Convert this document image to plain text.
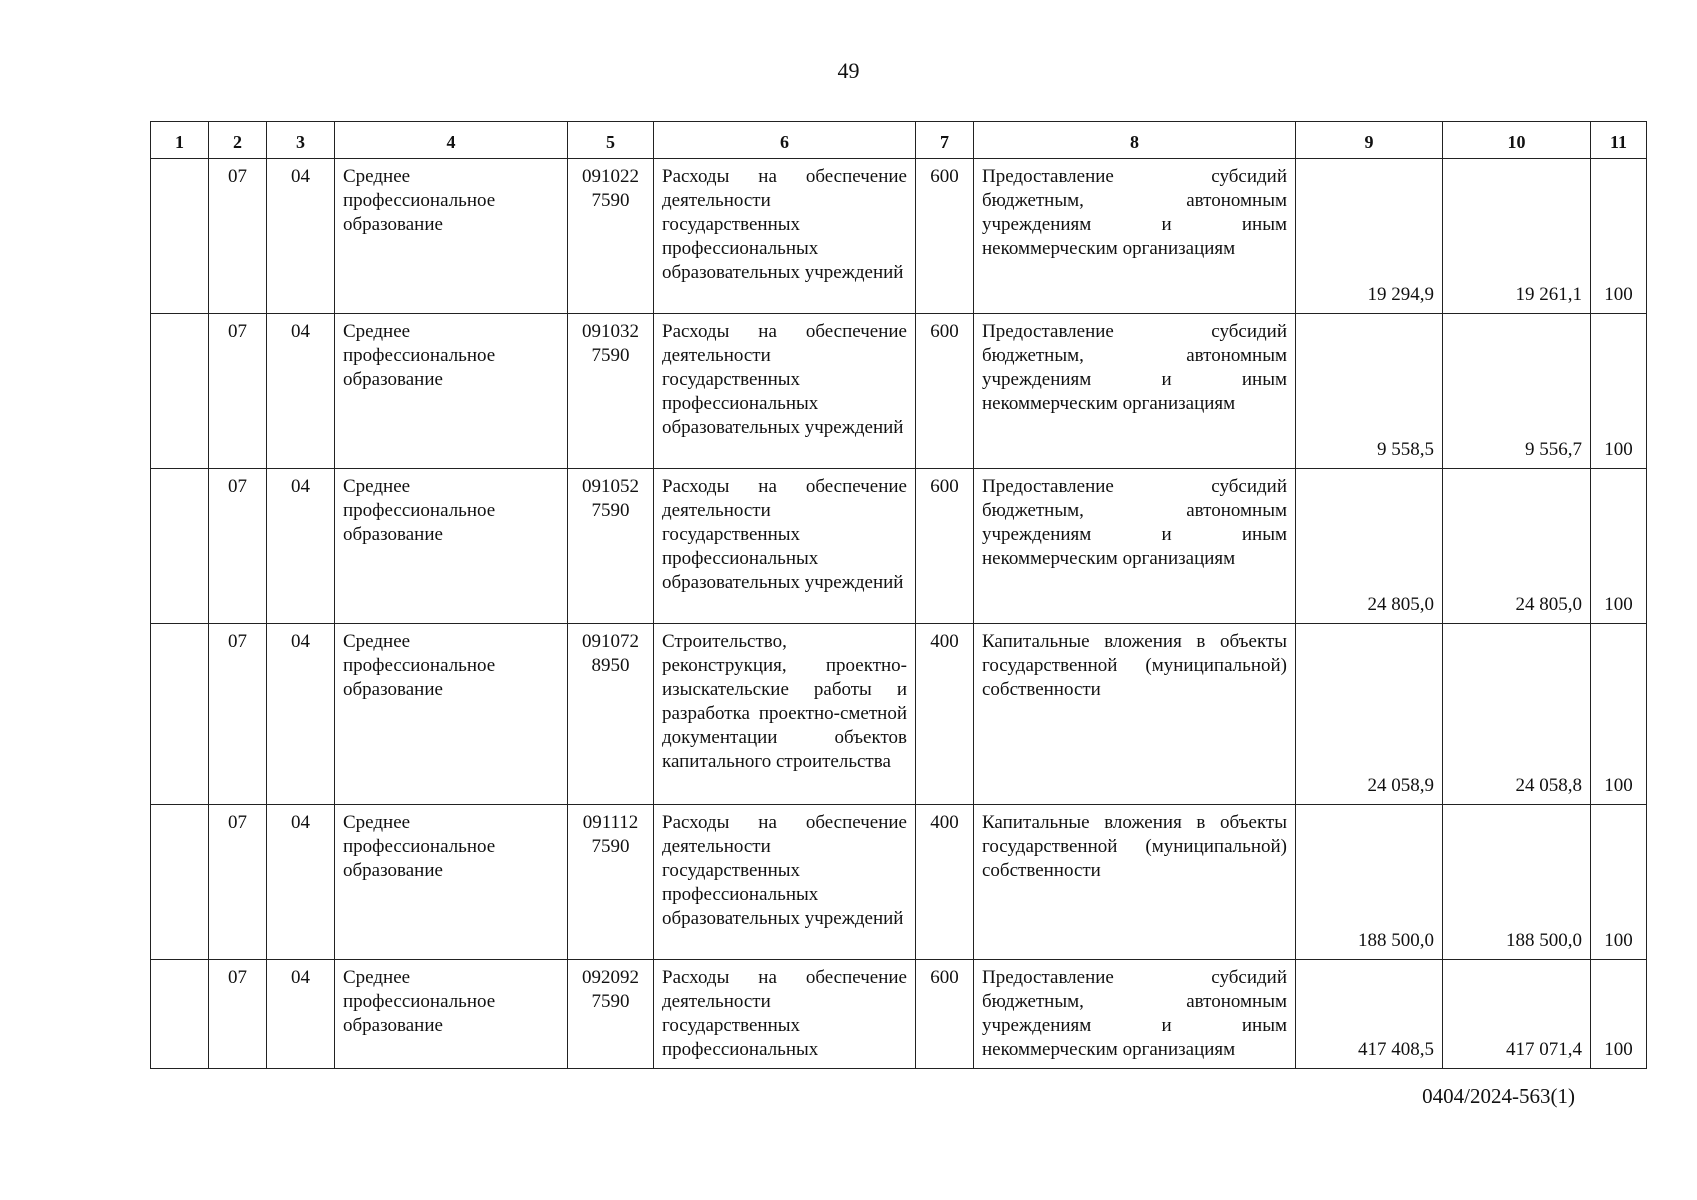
49
1	2	3	4	5	6	7	8	9	10	11
	07	04	Среднее профессиональное образование	091022 7590	Расходы на обеспечение деятельности государственных профессиональных образовательных учреждений	600	Предоставление субсидий бюджетным, автономным учреждениям и иным некоммерческим организациям	19 294,9	19 261,1	100
	07	04	Среднее профессиональное образование	091032 7590	Расходы на обеспечение деятельности государственных профессиональных образовательных учреждений	600	Предоставление субсидий бюджетным, автономным учреждениям и иным некоммерческим организациям	9 558,5	9 556,7	100
	07	04	Среднее профессиональное образование	091052 7590	Расходы на обеспечение деятельности государственных профессиональных образовательных учреждений	600	Предоставление субсидий бюджетным, автономным учреждениям и иным некоммерческим организациям	24 805,0	24 805,0	100
	07	04	Среднее профессиональное образование	091072 8950	Строительство, реконструкция, проектно-изыскательские работы и разработка проектно-сметной документации объектов капитального строительства	400	Капитальные вложения в объекты государственной (муниципальной) собственности	24 058,9	24 058,8	100
	07	04	Среднее профессиональное образование	091112 7590	Расходы на обеспечение деятельности государственных профессиональных образовательных учреждений	400	Капитальные вложения в объекты государственной (муниципальной) собственности	188 500,0	188 500,0	100
	07	04	Среднее профессиональное образование	092092 7590	Расходы на обеспечение деятельности государственных профессиональных	600	Предоставление субсидий бюджетным, автономным учреждениям и иным некоммерческим организациям	417 408,5	417 071,4	100
0404/2024-563(1)
